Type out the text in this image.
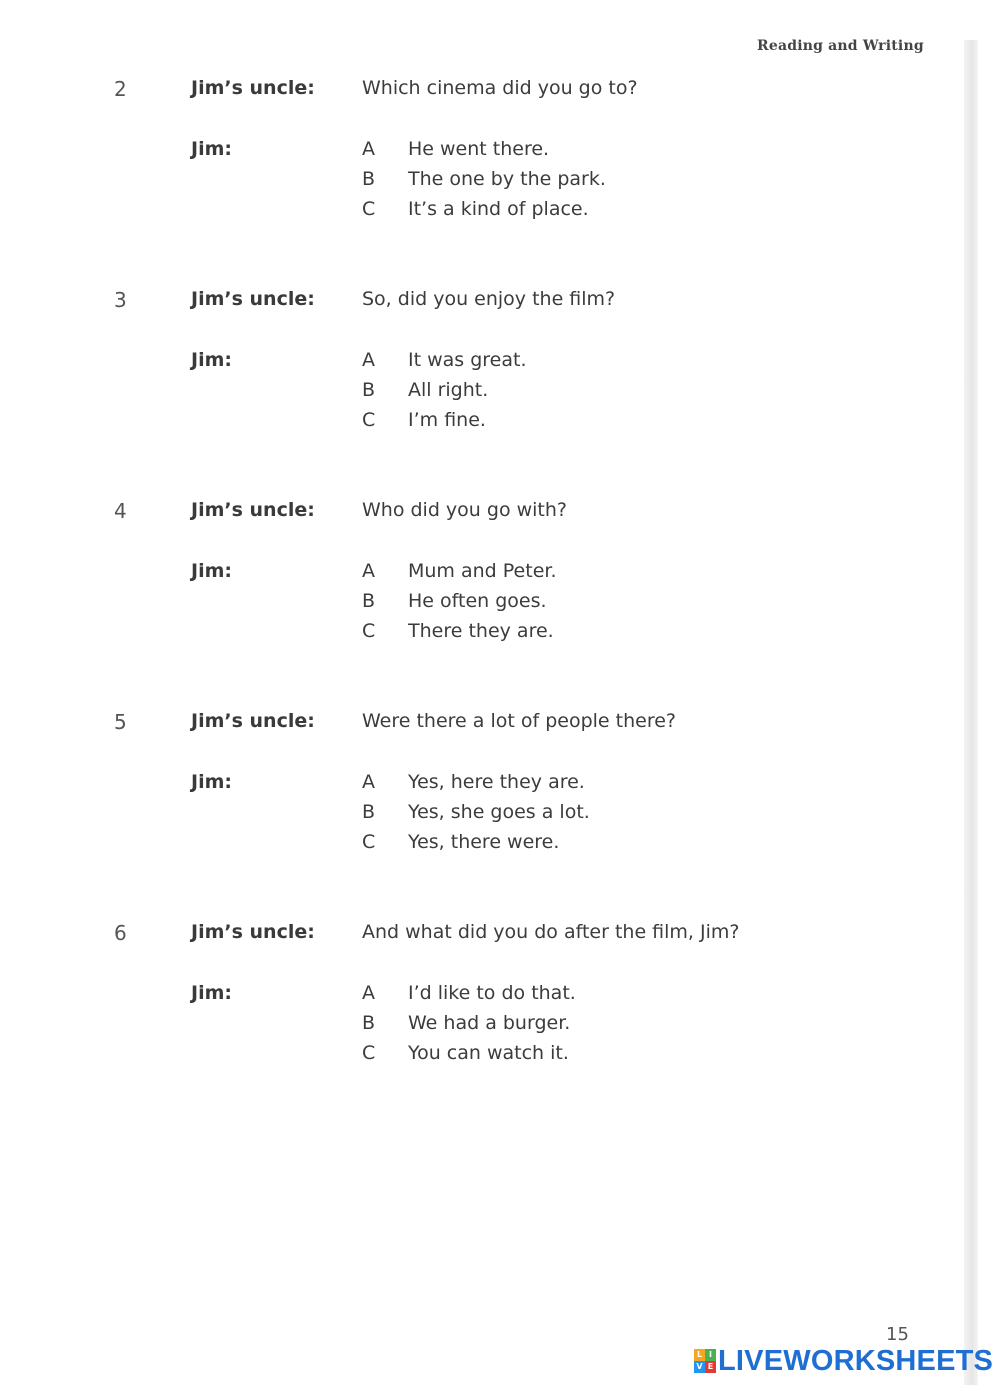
Reading and Writing
2	Jim’s uncle: Which cinema did you go to?
Jim:	A He went there.
B The one by the park.
C It’s a kind of place.
3	Jim’s uncle: So, did you enjoy the film?
Jim:	A It was great.
B All right.
C I’m fine.
4	Jim’s uncle: Who did you go with?
Jim:	A Mum and Peter.
B He often goes.
C There they are.
5	Jim’s uncle: Were there a lot of people there?
Jim:	A Yes, here they are.
B Yes, she goes a lot.
C Yes, there were.
6	Jim’s uncle: And what did you do after the film, Jim?
Jim:	A I’d like to do that.
B We had a burger.
C You can watch it.
15
L I
V E LIVEWORKSHEETS
